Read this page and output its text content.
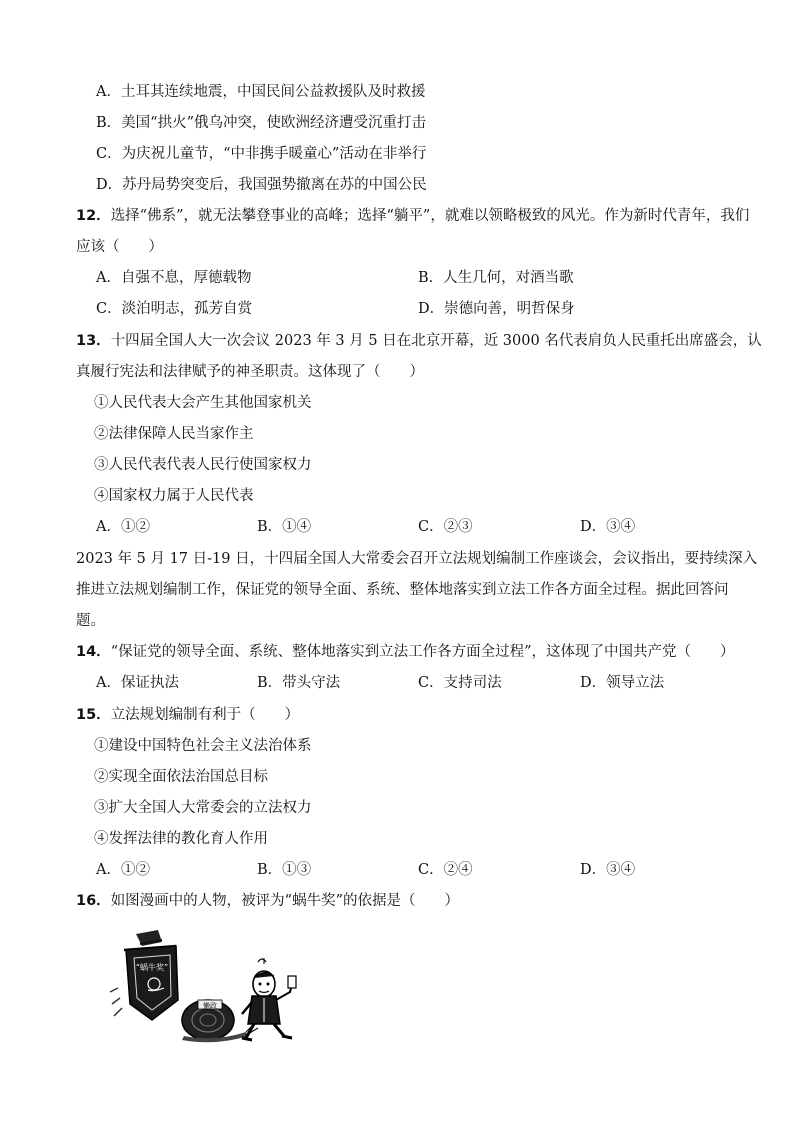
A．土耳其连续地震，中国民间公益救援队及时救援
B．美国“拱火”俄乌冲突，使欧洲经济遭受沉重打击
C．为庆祝儿童节，“中非携手暖童心”活动在非举行
D．苏丹局势突变后，我国强势撤离在苏的中国公民
12．选择“佛系”，就无法攀登事业的高峰；选择“躺平”，就难以领略极致的风光。作为新时代青年，我们
应该（　　）
A．自强不息，厚德载物	B．人生几何，对酒当歌
C．淡泊明志，孤芳自赏	D．崇德向善，明哲保身
13．十四届全国人大一次会议 2023 年 3 月 5 日在北京开幕，近 3000 名代表肩负人民重托出席盛会，认
真履行宪法和法律赋予的神圣职责。这体现了（　　）
①人民代表大会产生其他国家机关
②法律保障人民当家作主
③人民代表代表人民行使国家权力
④国家权力属于人民代表
A．①②	B．①④	C．②③	D．③④
2023 年 5 月 17 日-19 日，十四届全国人大常委会召开立法规划编制工作座谈会，会议指出，要持续深入
推进立法规划编制工作，保证党的领导全面、系统、整体地落实到立法工作各方面全过程。据此回答问
题。
14．“保证党的领导全面、系统、整体地落实到立法工作各方面全过程”，这体现了中国共产党（　　）
A．保证执法	B．带头守法	C．支持司法	D．领导立法
15．立法规划编制有利于（　　）
①建设中国特色社会主义法治体系
②实现全面依法治国总目标
③扩大全国人大常委会的立法权力
④发挥法律的教化育人作用
A．①②	B．①③	C．②④	D．③④
16．如图漫画中的人物，被评为“蜗牛奖”的依据是（　　）
“蜗牛奖”
懒政
